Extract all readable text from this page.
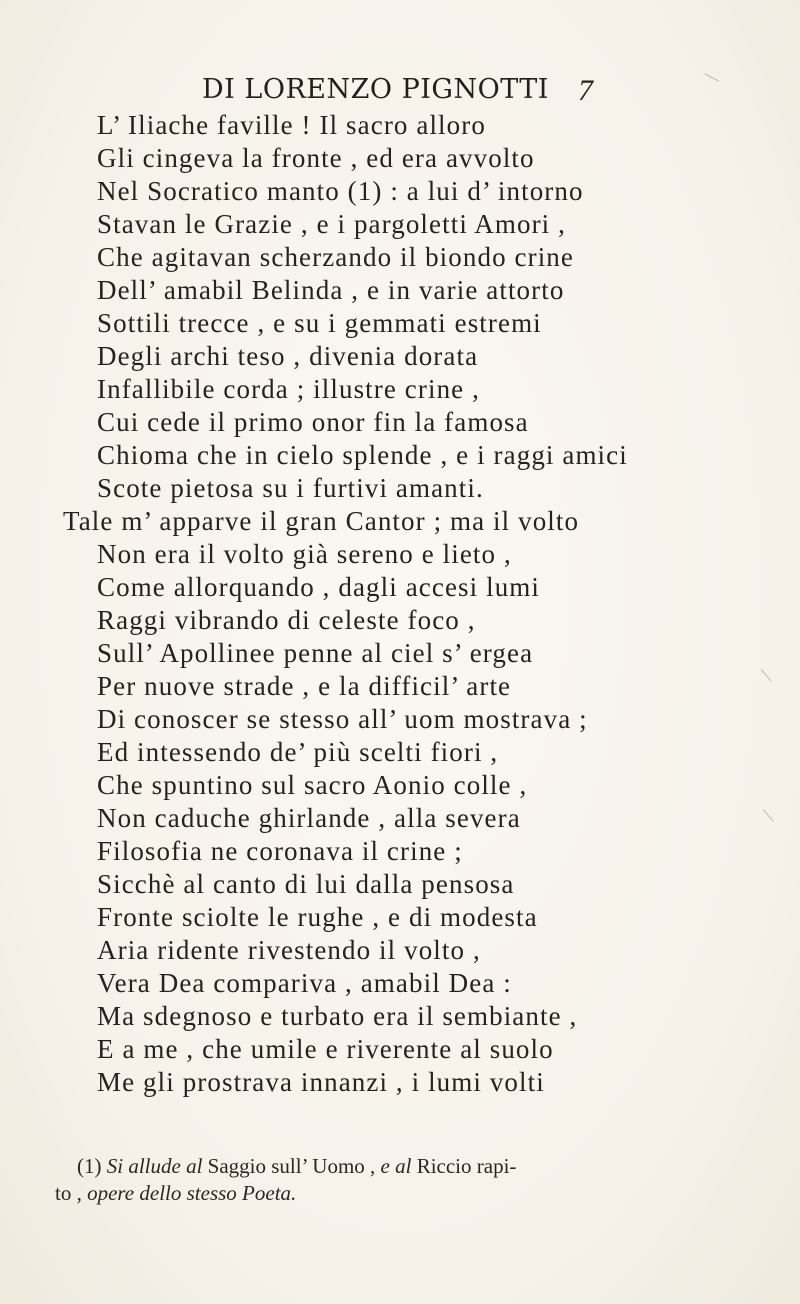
DI LORENZO PIGNOTTI 7
L’ Iliache faville ! Il sacro alloro
Gli cingeva la fronte , ed era avvolto
Nel Socratico manto (1) : a lui d’ intorno
Stavan le Grazie , e i pargoletti Amori ,
Che agitavan scherzando il biondo crine
Dell’ amabil Belinda , e in varie attorto
Sottili trecce , e su i gemmati estremi
Degli archi teso , divenia dorata
Infallibile corda ; illustre crine ,
Cui cede il primo onor fin la famosa
Chioma che in cielo splende , e i raggi amici
Scote pietosa su i furtivi amanti.
Tale m’ apparve il gran Cantor ; ma il volto
Non era il volto già sereno e lieto ,
Come allorquando , dagli accesi lumi
Raggi vibrando di celeste foco ,
Sull’ Apollinee penne al ciel s’ ergea
Per nuove strade , e la difficil’ arte
Di conoscer se stesso all’ uom mostrava ;
Ed intessendo de’ più scelti fiori ,
Che spuntino sul sacro Aonio colle ,
Non caduche ghirlande , alla severa
Filosofia ne coronava il crine ;
Sicchè al canto di lui dalla pensosa
Fronte sciolte le rughe , e di modesta
Aria ridente rivestendo il volto ,
Vera Dea compariva , amabil Dea :
Ma sdegnoso e turbato era il sembiante ,
E a me , che umile e riverente al suolo
Me gli prostrava innanzi , i lumi volti
(1) Si allude al Saggio sull’ Uomo , e al Riccio rapi-
to , opere dello stesso Poeta.
